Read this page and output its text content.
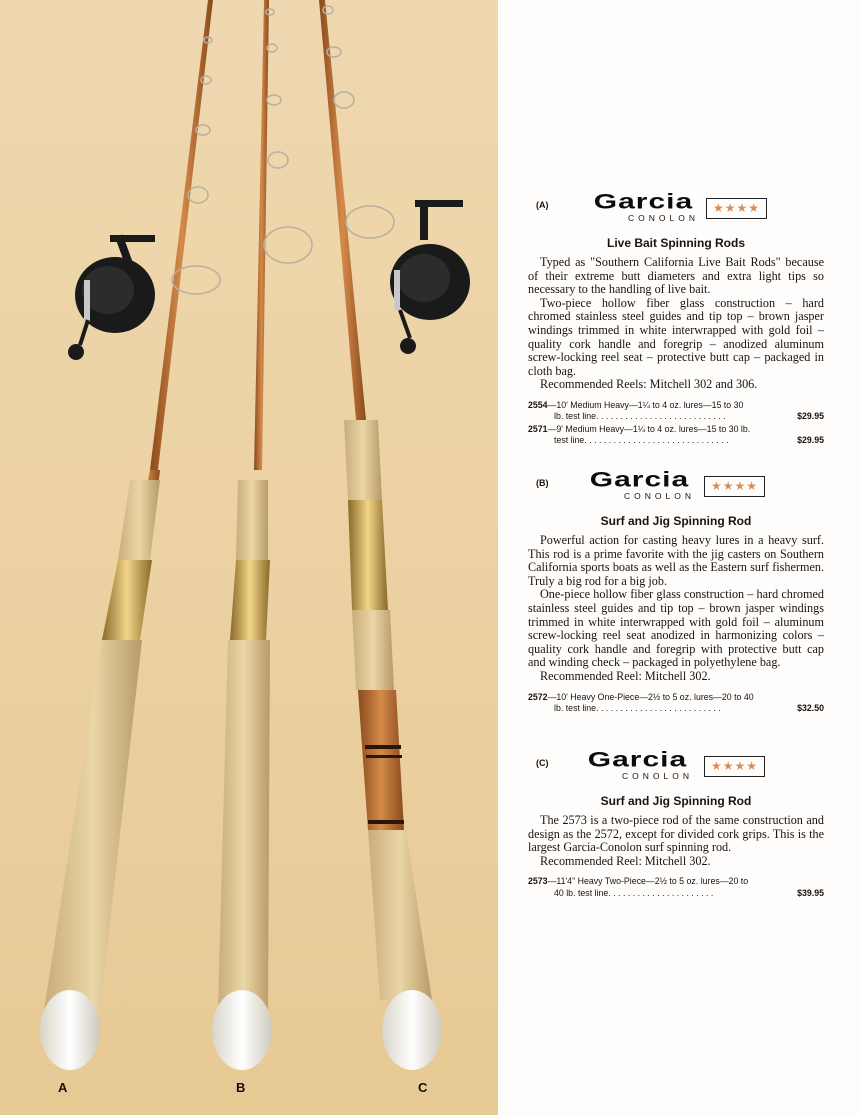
A	B	C
(A) Garcia
CONOLON
★★★★
Live Bait Spinning Rods

Typed as "Southern California Live Bait Rods" because of their extreme butt diameters and extra light tips so necessary to the handling of live bait.

Two-piece hollow fiber glass construction – hard chromed stainless steel guides and tip top – brown jasper windings trimmed in white interwrapped with gold foil – quality cork handle and foregrip – anodized aluminum screw-locking reel seat – protective butt cap – packaged in cloth bag.

Recommended Reels: Mitchell 302 and 306.

2554—10' Medium Heavy—1¼ to 4 oz. lures—15 to 30
lb. test line. . . . . . . . . . . . . . . . . . . . . . . . . . .	$29.95
2571—9' Medium Heavy—1¼ to 4 oz. lures—15 to 30 lb.
test line. . . . . . . . . . . . . . . . . . . . . . . . . . . . . .	$29.95
(B) Garcia
CONOLON
★★★★
Surf and Jig Spinning Rod

Powerful action for casting heavy lures in a heavy surf. This rod is a prime favorite with the jig casters on Southern California sports boats as well as the Eastern surf fishermen. Truly a big rod for a big job.

One-piece hollow fiber glass construction – hard chromed stainless steel guides and tip top – brown jasper windings trimmed in white interwrapped with gold foil – aluminum screw-locking reel seat anodized in harmonizing colors – quality cork handle and foregrip with protective butt cap and winding check – packaged in polyethylene bag.

Recommended Reel: Mitchell 302.

2572—10' Heavy One-Piece—2½ to 5 oz. lures—20 to 40
lb. test line. . . . . . . . . . . . . . . . . . . . . . . . . .	$32.50
(C) Garcia
CONOLON
★★★★
Surf and Jig Spinning Rod

The 2573 is a two-piece rod of the same construction and design as the 2572, except for divided cork grips. This is the largest Garcia-Conolon surf spinning rod.

Recommended Reel: Mitchell 302.

2573—11'4" Heavy Two-Piece—2½ to 5 oz. lures—20 to
40 lb. test line. . . . . . . . . . . . . . . . . . . . . .	$39.95
